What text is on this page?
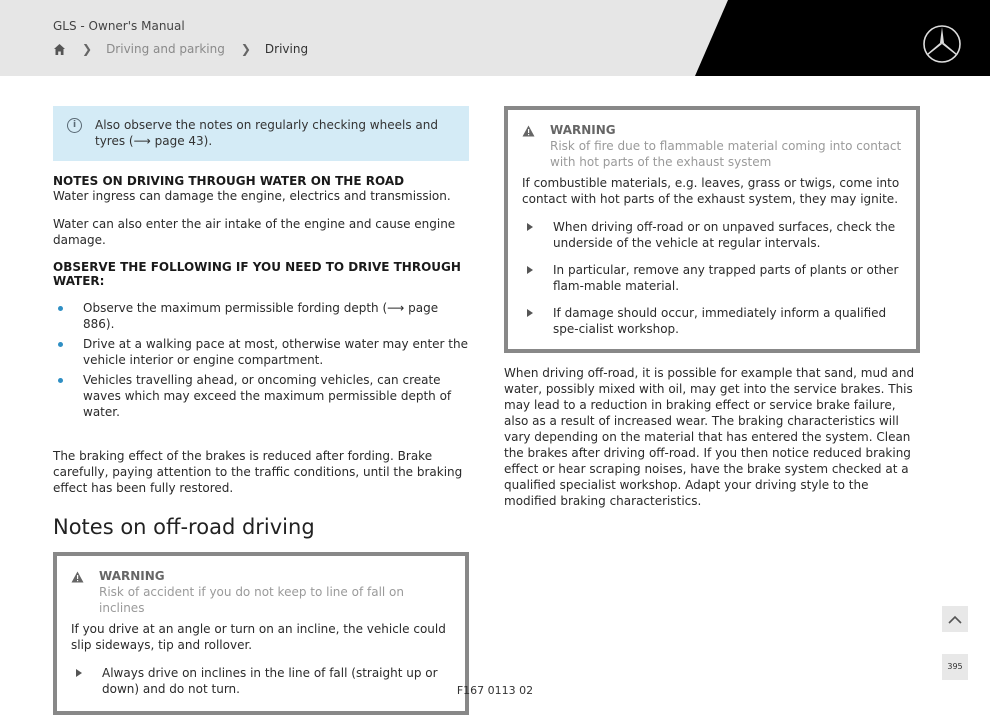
GLS - Owner's Manual
❯ Driving and parking ❯ Driving
i	Also observe the notes on regularly checking wheels and tyres (⟶ page 43).
NOTES ON DRIVING THROUGH WATER ON THE ROAD

Water ingress can damage the engine, electrics and transmission.

Water can also enter the air intake of the engine and cause engine damage.

OBSERVE THE FOLLOWING IF YOU NEED TO DRIVE THROUGH WATER:
Observe the maximum permissible fording depth (⟶ page 886).
Drive at a walking pace at most, otherwise water may enter the vehicle interior or engine compartment.
Vehicles travelling ahead, or oncoming vehicles, can create waves which may exceed the maximum permissible depth of water.

The braking effect of the brakes is reduced after fording. Brake carefully, paying attention to the traffic conditions, until the braking effect has been fully restored.

Notes on off-road driving
WARNING
Risk of accident if you do not keep to line of fall on inclines

If you drive at an angle or turn on an incline, the vehicle could slip sideways, tip and rollover.

Always drive on inclines in the line of fall (straight up or down) and do not turn.
WARNING
Risk of fire due to flammable material coming into contact with hot parts of the exhaust system

If combustible materials, e.g. leaves, grass or twigs, come into contact with hot parts of the exhaust system, they may ignite.

When driving off-road or on unpaved surfaces, check the underside of the vehicle at regular intervals.
In particular, remove any trapped parts of plants or other flam-mable material.
If damage should occur, immediately inform a qualified spe-cialist workshop.

When driving off-road, it is possible for example that sand, mud and water, possibly mixed with oil, may get into the service brakes. This may lead to a reduction in braking effect or service brake failure, also as a result of increased wear. The braking characteristics will vary depending on the material that has entered the system. Clean the brakes after driving off-road. If you then notice reduced braking effect or hear scraping noises, have the brake system checked at a qualified specialist workshop. Adapt your driving style to the modified braking characteristics.

395
F167 0113 02
